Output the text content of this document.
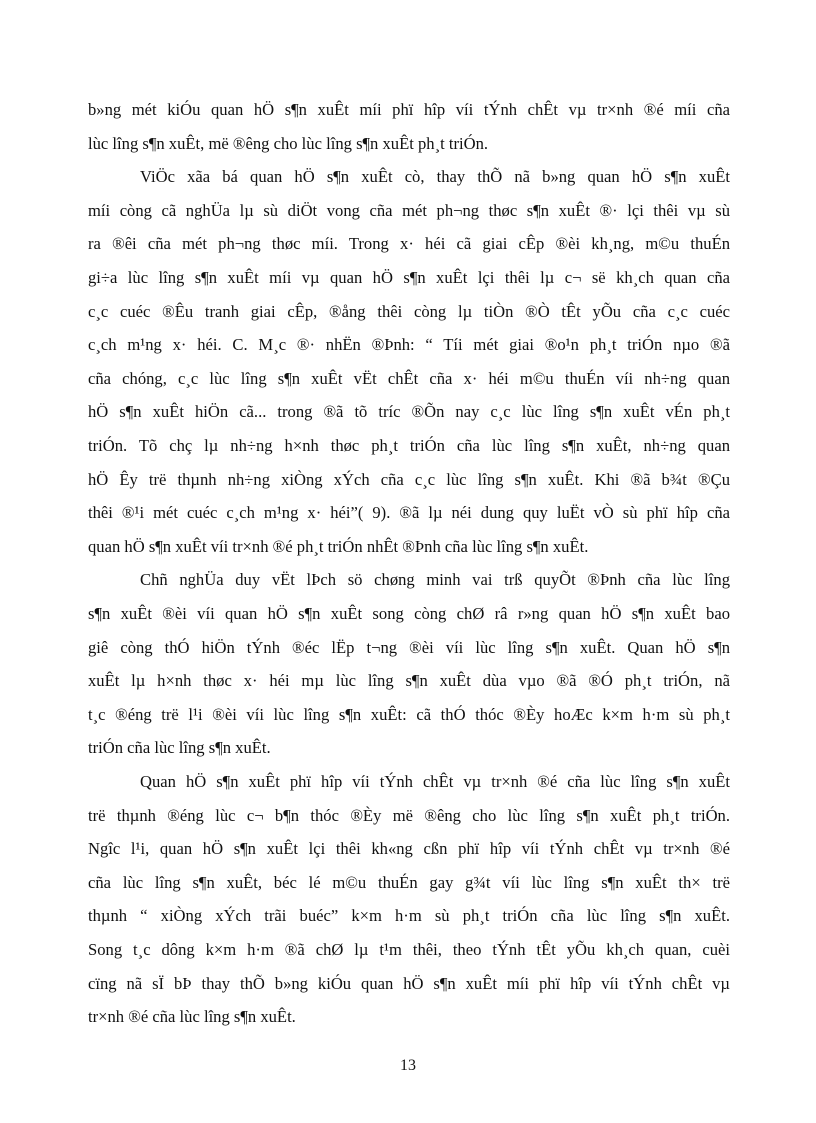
b»ng mét kiÓu quan hÖ s¶n xuÊt míi phï hîp víi tÝnh chÊt vµ tr×nh ®é míi cña
lùc lîng s¶n xuÊt, më ®êng cho lùc lîng s¶n xuÊt ph¸t triÓn.
ViÖc xãa bá quan hÖ s¶n xuÊt cò, thay thÕ nã b»ng quan hÖ s¶n xuÊt
míi còng cã nghÜa lµ sù diÖt vong cña mét ph¬ng thøc s¶n xuÊt ®· lçi thêi vµ sù
ra ®êi cña mét ph¬ng thøc míi. Trong x· héi cã giai cÊp ®èi kh¸ng, m©u thuÉn
gi÷a lùc lîng s¶n xuÊt míi vµ quan hÖ s¶n xuÊt lçi thêi lµ c¬ së kh¸ch quan cña
c¸c cuéc ®Êu tranh giai cÊp, ®ång thêi còng lµ tiÒn ®Ò tÊt yÕu cña c¸c cuéc
c¸ch m¹ng x· héi. C. M¸c ®· nhËn ®Þnh: “ Tíi mét giai ®o¹n ph¸t triÓn nµo ®ã
cña chóng, c¸c lùc lîng s¶n xuÊt vËt chÊt cña x· héi m©u thuÉn víi nh÷ng quan
hÖ s¶n xuÊt hiÖn cã... trong ®ã tõ tríc ®Õn nay c¸c lùc lîng s¶n xuÊt vÉn ph¸t
triÓn. Tõ chç lµ nh÷ng h×nh thøc ph¸t triÓn cña lùc lîng s¶n xuÊt, nh÷ng quan
hÖ Êy trë thµnh nh÷ng xiÒng xÝch cña c¸c lùc lîng s¶n xuÊt. Khi ®ã b¾t ®Çu
thêi ®¹i mét cuéc c¸ch m¹ng x· héi”( 9). ®ã lµ néi dung quy luËt vÒ sù phï hîp cña
quan hÖ s¶n xuÊt víi tr×nh ®é ph¸t triÓn nhÊt ®Þnh cña lùc lîng s¶n xuÊt.
Chñ nghÜa duy vËt lÞch sö chøng minh vai trß quyÕt ®Þnh cña lùc lîng
s¶n xuÊt ®èi víi quan hÖ s¶n xuÊt song còng chØ râ r»ng quan hÖ s¶n xuÊt bao
giê còng thÓ hiÖn tÝnh ®éc lËp t¬ng ®èi víi lùc lîng s¶n xuÊt. Quan hÖ s¶n
xuÊt lµ h×nh thøc x· héi mµ lùc lîng s¶n xuÊt dùa vµo ®ã ®Ó ph¸t triÓn, nã
t¸c ®éng trë l¹i ®èi víi lùc lîng s¶n xuÊt: cã thÓ thóc ®Èy hoÆc k×m h·m sù ph¸t
triÓn cña lùc lîng s¶n xuÊt.
Quan hÖ s¶n xuÊt phï hîp víi tÝnh chÊt vµ tr×nh ®é cña lùc lîng s¶n xuÊt
trë thµnh ®éng lùc c¬ b¶n thóc ®Èy më ®êng cho lùc lîng s¶n xuÊt ph¸t triÓn.
Ngîc l¹i, quan hÖ s¶n xuÊt lçi thêi kh«ng cßn phï hîp víi tÝnh chÊt vµ tr×nh ®é
cña lùc lîng s¶n xuÊt, béc lé m©u thuÉn gay g¾t víi lùc lîng s¶n xuÊt th× trë
thµnh “ xiÒng xÝch trãi buéc” k×m h·m sù ph¸t triÓn cña lùc lîng s¶n xuÊt.
Song t¸c dông k×m h·m ®ã chØ lµ t¹m thêi, theo tÝnh tÊt yÕu kh¸ch quan, cuèi
cïng nã sÏ bÞ thay thÕ b»ng kiÓu quan hÖ s¶n xuÊt míi phï hîp víi tÝnh chÊt vµ
tr×nh ®é cña lùc lîng s¶n xuÊt.
13
